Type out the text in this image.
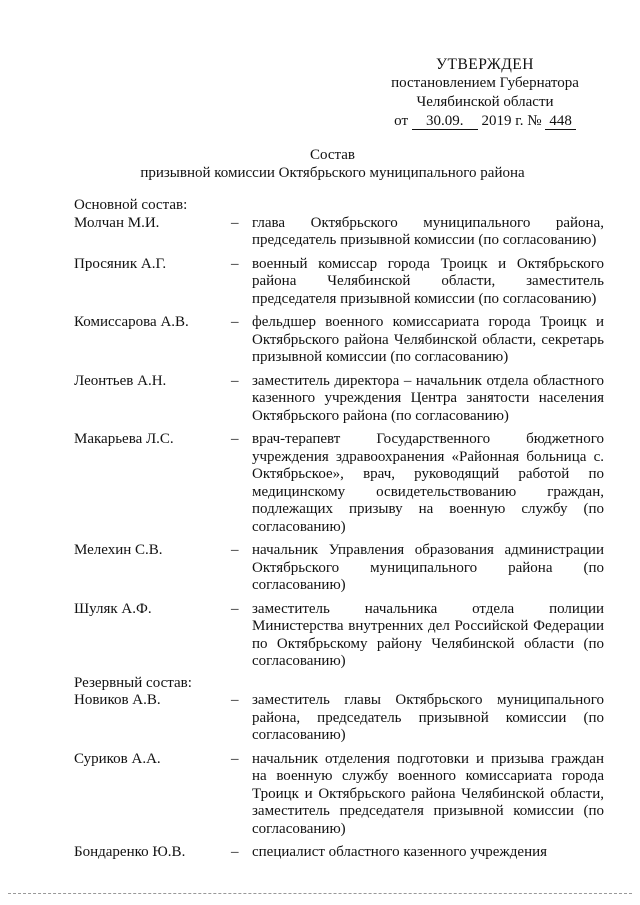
УТВЕРЖДЕН
постановлением Губернатора
Челябинской области
от 30.09. 2019 г. № 448
Состав
призывной комиссии Октябрьского муниципального района
Основной состав:
Молчан М.И.	– глава Октябрьского муниципального района, председатель призывной комиссии (по согласованию)
Просяник А.Г.	– военный комиссар города Троицк и Октябрьского района Челябинской области, заместитель председателя призывной комиссии (по согласованию)
Комиссарова А.В.	– фельдшер военного комиссариата города Троицк и Октябрьского района Челябинской области, секретарь призывной комиссии (по согласованию)
Леонтьев А.Н.	– заместитель директора – начальник отдела областного казенного учреждения Центра занятости населения Октябрьского района (по согласованию)
Макарьева Л.С.	– врач-терапевт Государственного бюджетного учреждения здравоохранения «Районная больница с. Октябрьское», врач, руководящий работой по медицинскому освидетельствованию граждан, подлежащих призыву на военную службу (по согласованию)
Мелехин С.В.	– начальник Управления образования администрации Октябрьского муниципального района (по согласованию)
Шуляк А.Ф.	– заместитель начальника отдела полиции Министерства внутренних дел Российской Федерации по Октябрьскому району Челябинской области (по согласованию)
Резервный состав:
Новиков А.В.	– заместитель главы Октябрьского муниципального района, председатель призывной комиссии (по согласованию)
Суриков А.А.	– начальник отделения подготовки и призыва граждан на военную службу военного комиссариата города Троицк и Октябрьского района Челябинской области, заместитель председателя призывной комиссии (по согласованию)
Бондаренко Ю.В.	– специалист областного казенного учреждения
